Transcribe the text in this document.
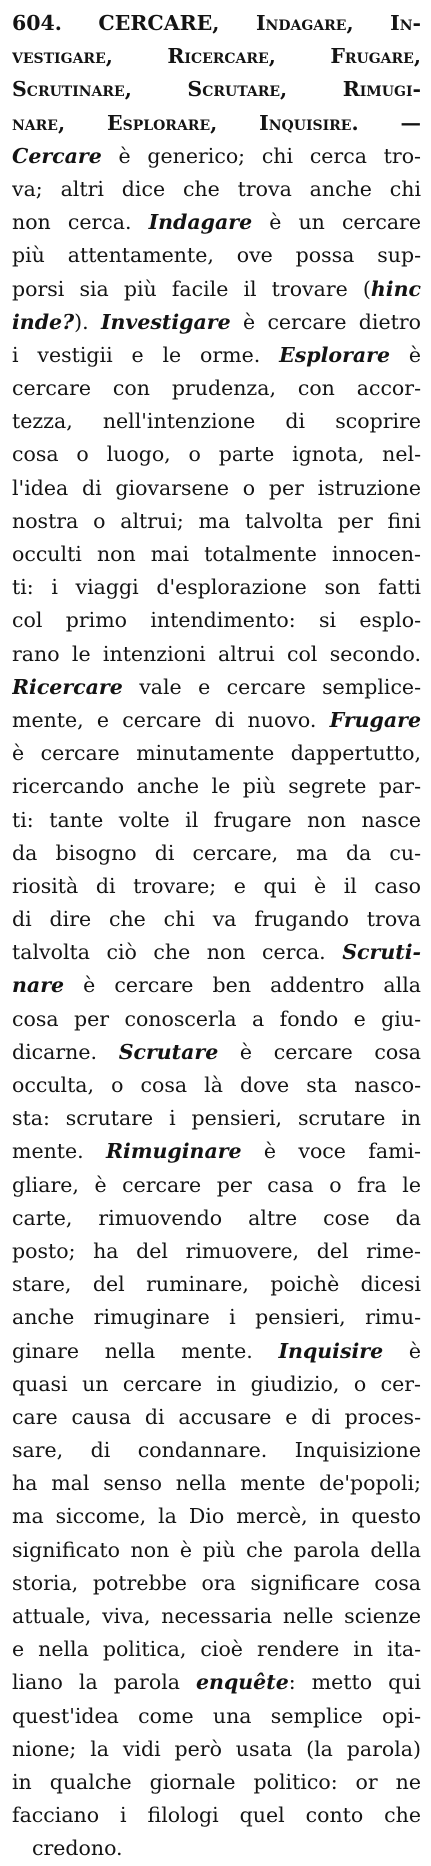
604. CERCARE, Indagare, In-
vestigare, Ricercare, Frugare,
Scrutinare, Scrutare, Rimugi-
nare, Esplorare, Inquisire. —
Cercare è generico; chi cerca tro-
va; altri dice che trova anche chi
non cerca. Indagare è un cercare
più attentamente, ove possa sup-
porsi sia più facile il trovare (hinc
inde?). Investigare è cercare dietro
i vestigii e le orme. Esplorare è
cercare con prudenza, con accor-
tezza, nell'intenzione di scoprire
cosa o luogo, o parte ignota, nel-
l'idea di giovarsene o per istruzione
nostra o altrui; ma talvolta per fini
occulti non mai totalmente innocen-
ti: i viaggi d'esplorazione son fatti
col primo intendimento: si esplo-
rano le intenzioni altrui col secondo.
Ricercare vale e cercare semplice-
mente, e cercare di nuovo. Frugare
è cercare minutamente dappertutto,
ricercando anche le più segrete par-
ti: tante volte il frugare non nasce
da bisogno di cercare, ma da cu-
riosità di trovare; e qui è il caso
di dire che chi va frugando trova
talvolta ciò che non cerca. Scruti-
nare è cercare ben addentro alla
cosa per conoscerla a fondo e giu-
dicarne. Scrutare è cercare cosa
occulta, o cosa là dove sta nasco-
sta: scrutare i pensieri, scrutare in
mente. Rimuginare è voce fami-
gliare, è cercare per casa o fra le
carte, rimuovendo altre cose da
posto; ha del rimuovere, del rime-
stare, del ruminare, poichè dicesi
anche rimuginare i pensieri, rimu-
ginare nella mente. Inquisire è
quasi un cercare in giudizio, o cer-
care causa di accusare e di proces-
sare, di condannare. Inquisizione
ha mal senso nella mente de'popoli;
ma siccome, la Dio mercè, in questo
significato non è più che parola della
storia, potrebbe ora significare cosa
attuale, viva, necessaria nelle scienze
e nella politica, cioè rendere in ita-
liano la parola enquête: metto qui
quest'idea come una semplice opi-
nione; la vidi però usata (la parola)
in qualche giornale politico: or ne
facciano i filologi quel conto che
credono.
